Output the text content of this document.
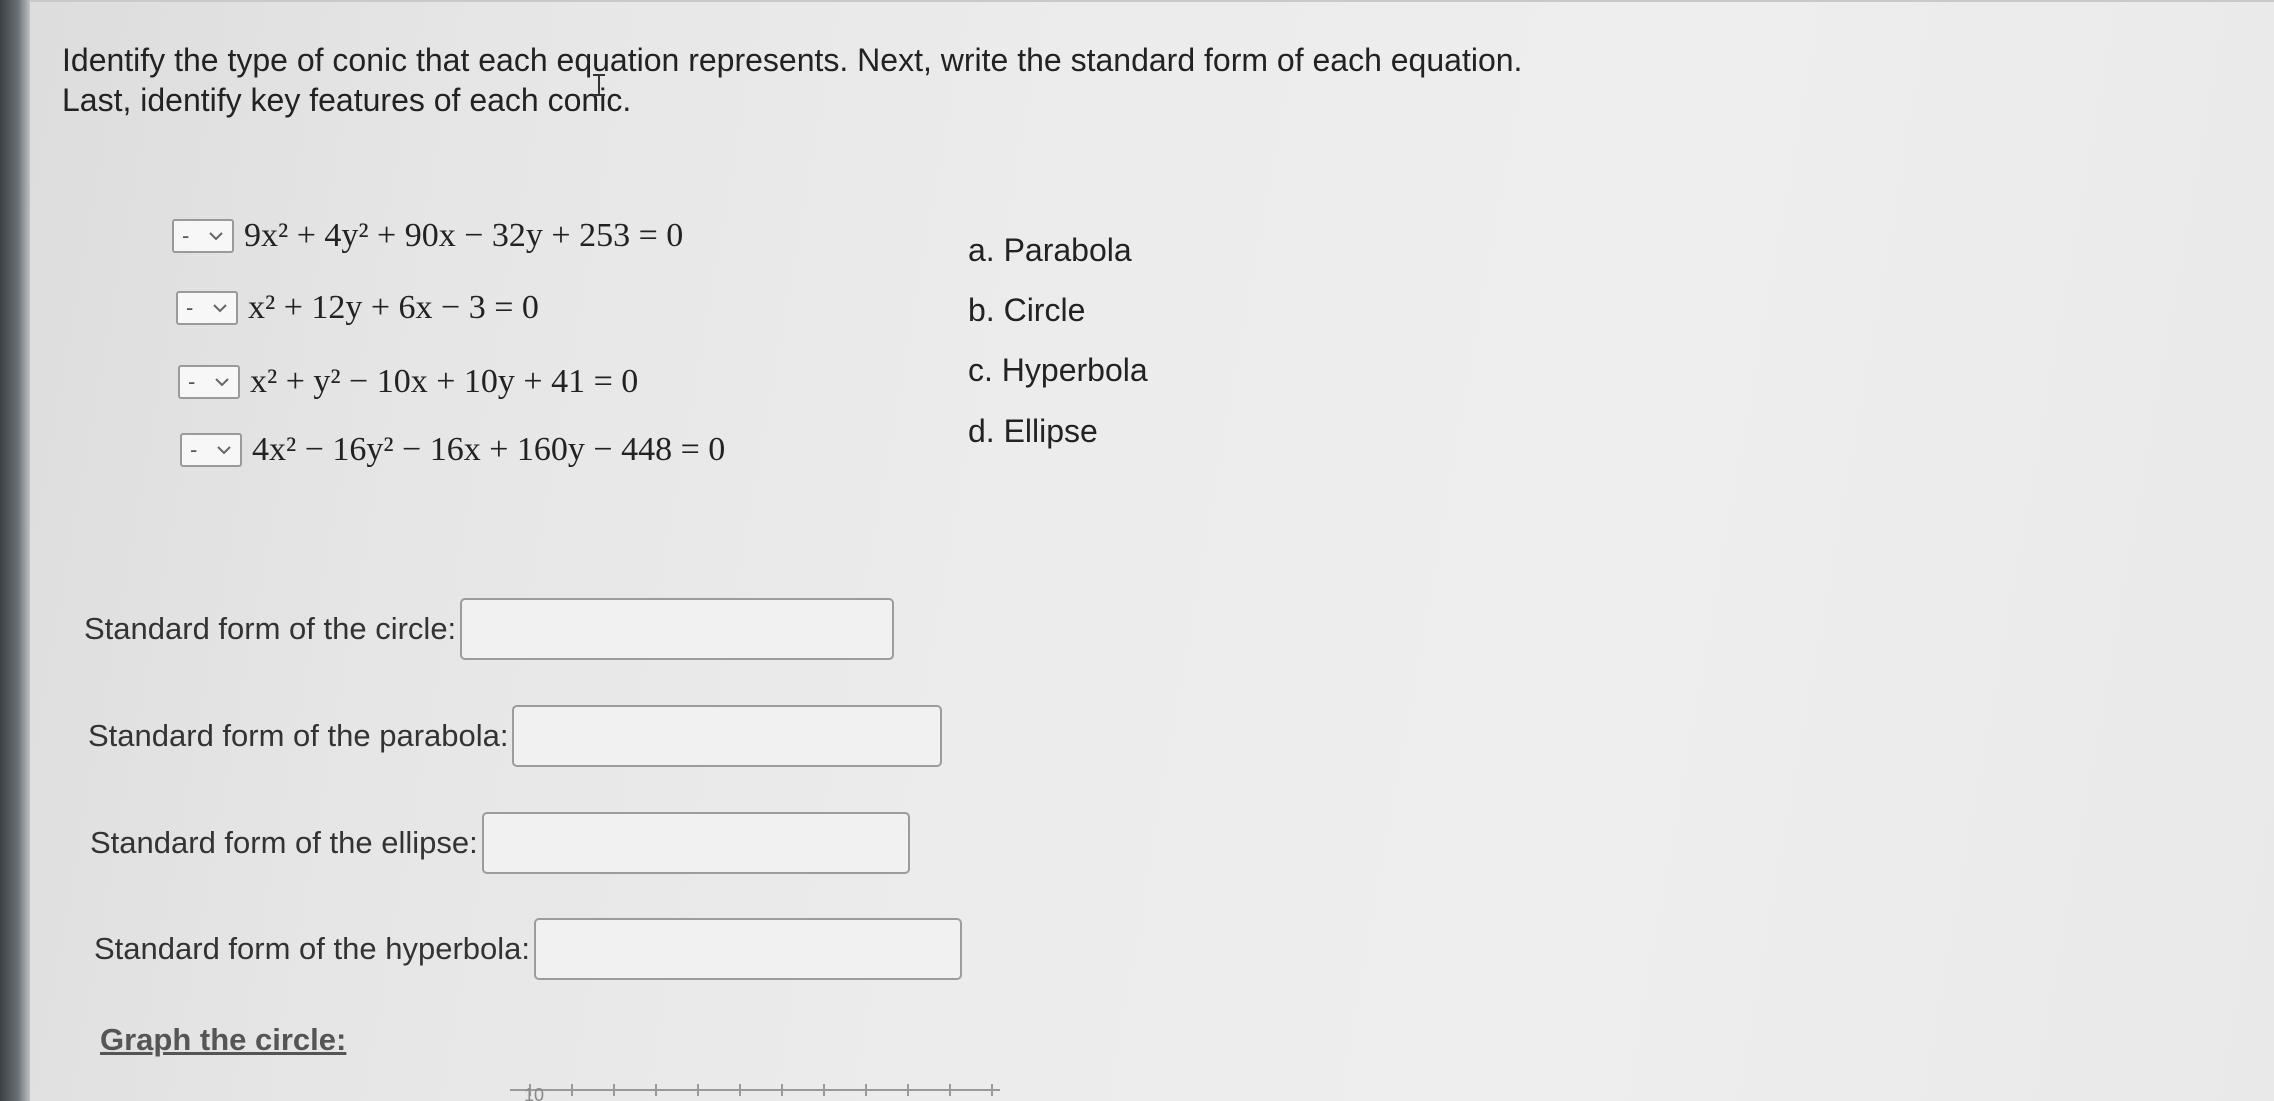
Identify the type of conic that each equation represents. Next, write the standard form of each equation.
Last, identify key features of each conic.
- 9x² + 4y² + 90x − 32y + 253 = 0
- x² + 12y + 6x − 3 = 0
- x² + y² − 10x + 10y + 41 = 0
- 4x² − 16y² − 16x + 160y − 448 = 0
a. Parabola
b. Circle
c. Hyperbola
d. Ellipse
Standard form of the circle:
Standard form of the parabola:
Standard form of the ellipse:
Standard form of the hyperbola:
Graph the circle:
10
